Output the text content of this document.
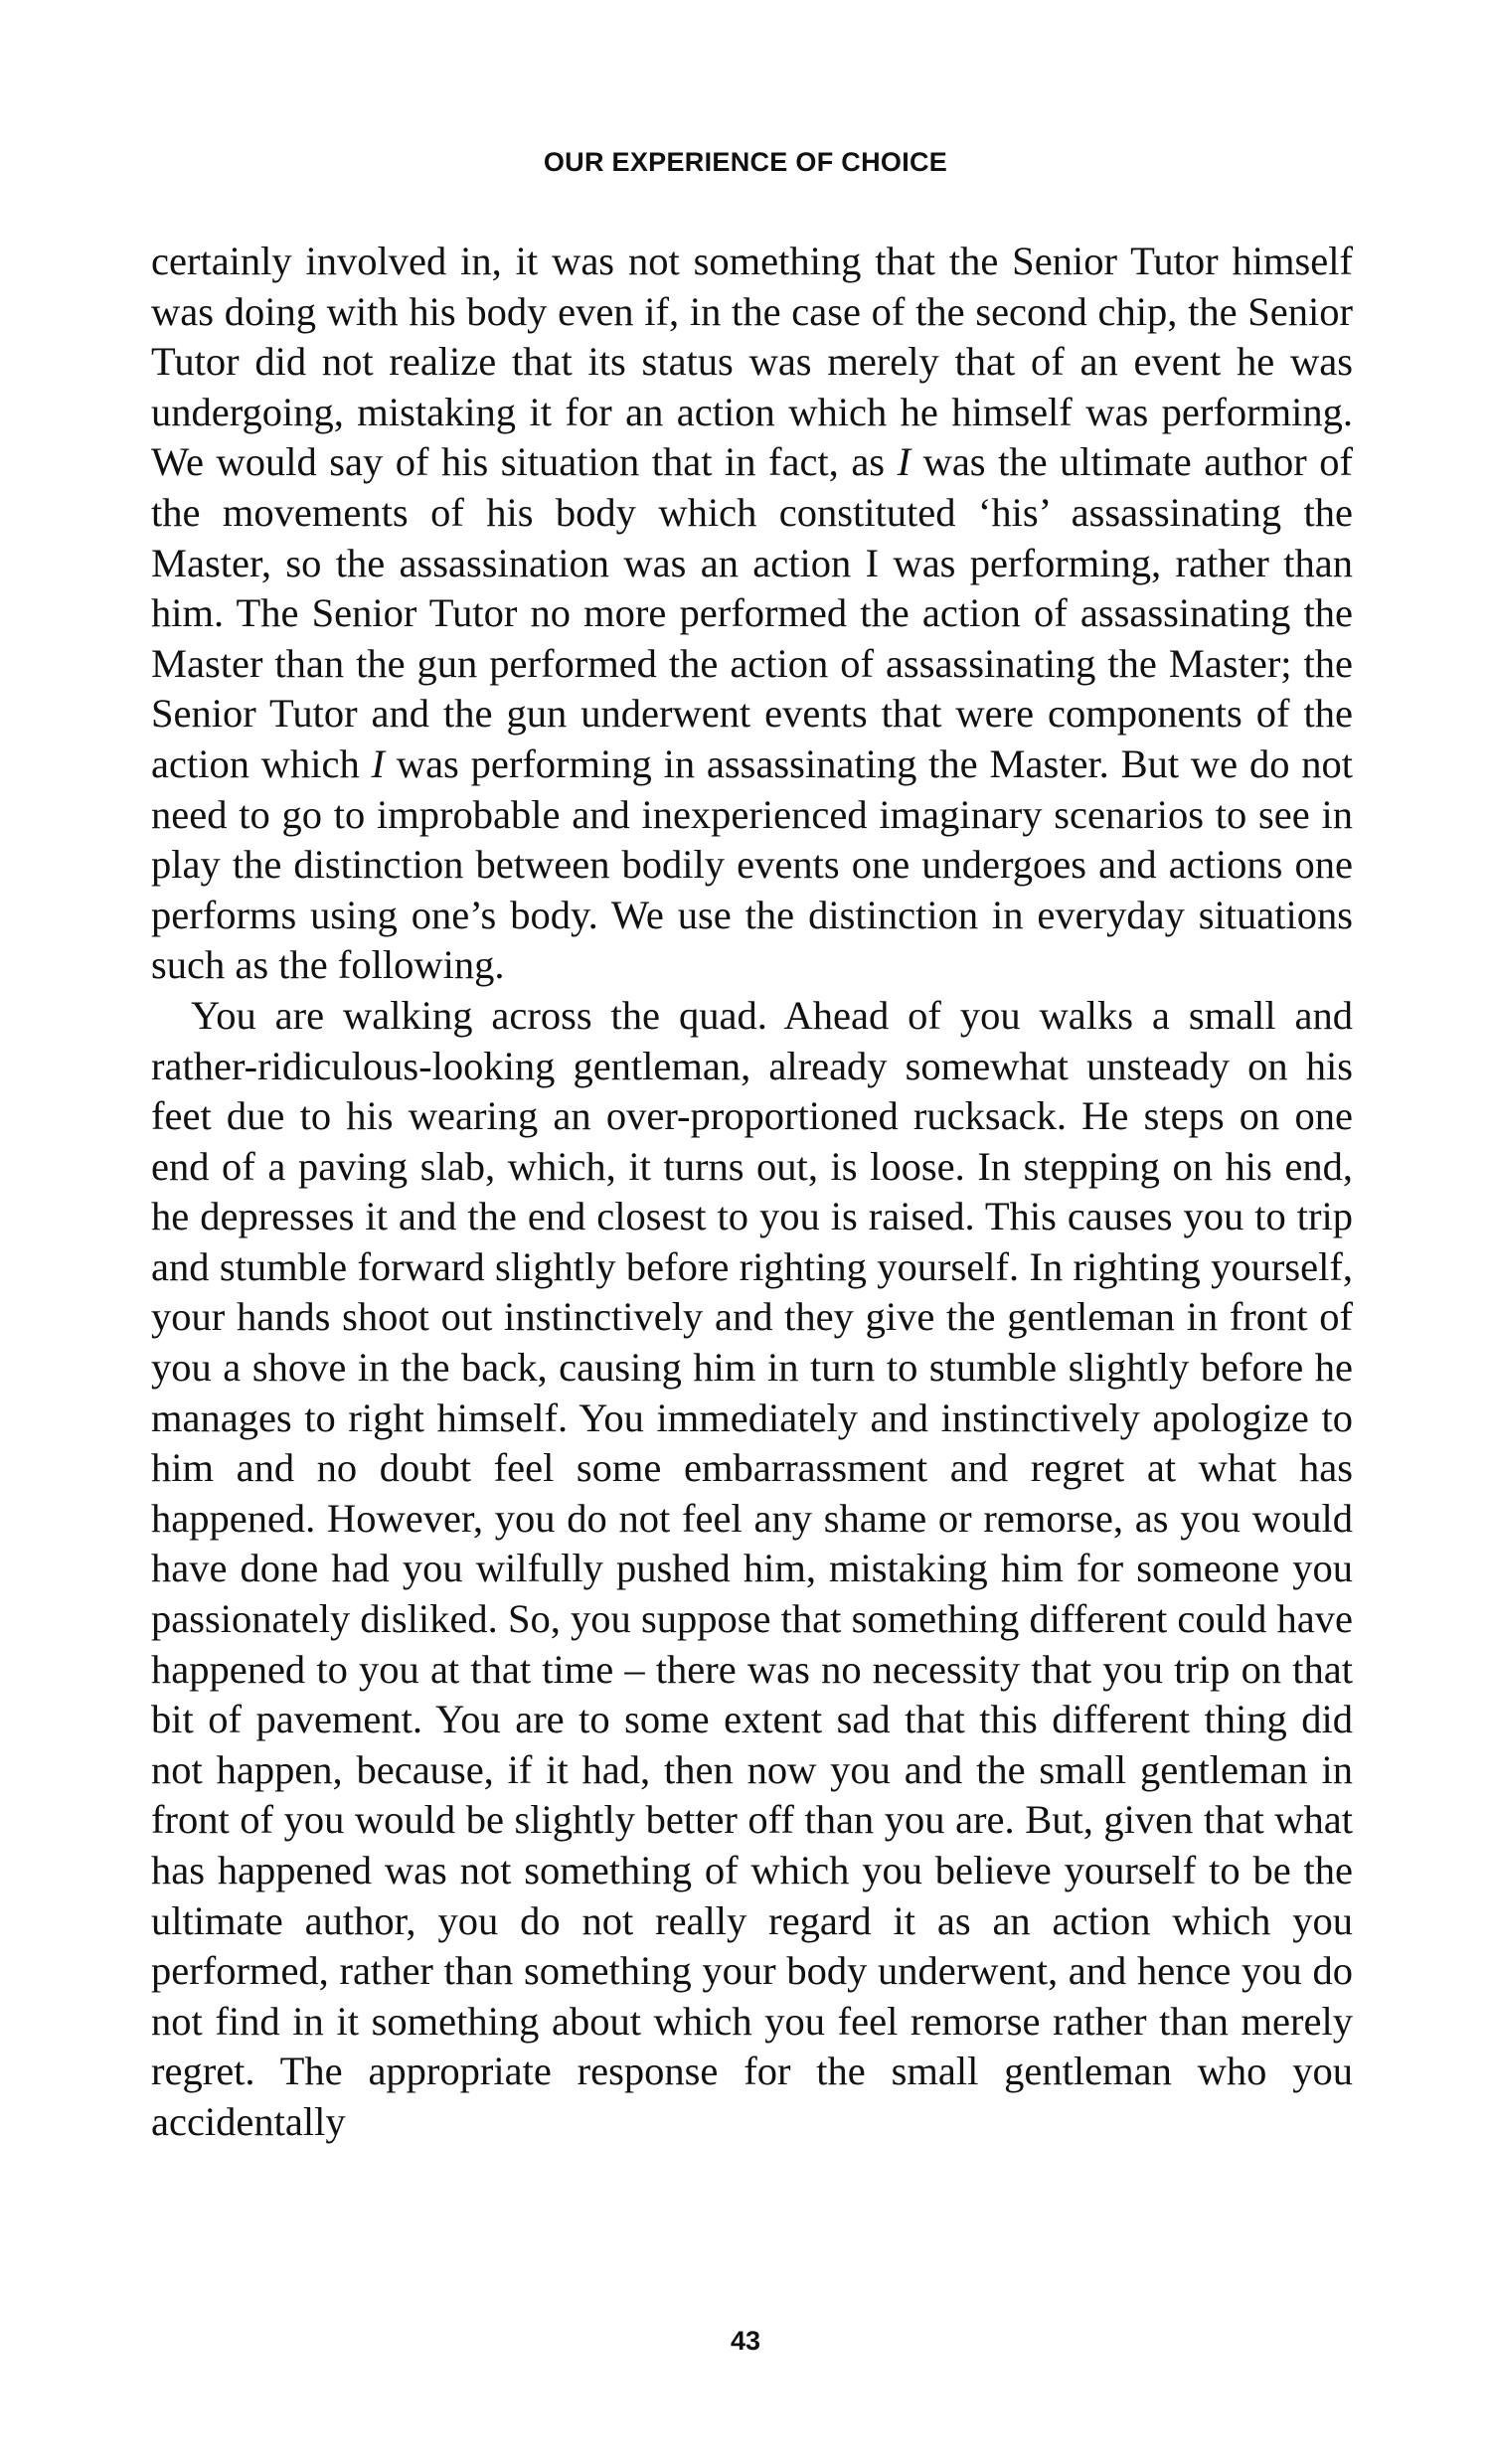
OUR EXPERIENCE OF CHOICE

certainly involved in, it was not something that the Senior Tutor himself was doing with his body even if, in the case of the second chip, the Senior Tutor did not realize that its status was merely that of an event he was undergoing, mistaking it for an action which he himself was performing. We would say of his situation that in fact, as I was the ultimate author of the movements of his body which constituted ‘his’ assassinating the Master, so the assassination was an action I was performing, rather than him. The Senior Tutor no more performed the action of assassinating the Master than the gun performed the action of assassinating the Master; the Senior Tutor and the gun underwent events that were components of the action which I was performing in assassinating the Master. But we do not need to go to improbable and inexperienced imaginary scenarios to see in play the distinction between bodily events one undergoes and actions one performs using one’s body. We use the distinction in everyday situations such as the following.

You are walking across the quad. Ahead of you walks a small and rather-ridiculous-looking gentleman, already somewhat unsteady on his feet due to his wearing an over-proportioned rucksack. He steps on one end of a paving slab, which, it turns out, is loose. In stepping on his end, he depresses it and the end closest to you is raised. This causes you to trip and stumble forward slightly before righting yourself. In righting yourself, your hands shoot out instinctively and they give the gentleman in front of you a shove in the back, causing him in turn to stumble slightly before he manages to right himself. You immediately and instinctively apologize to him and no doubt feel some embarrassment and regret at what has happened. However, you do not feel any shame or remorse, as you would have done had you wilfully pushed him, mistaking him for someone you passionately disliked. So, you suppose that something different could have happened to you at that time – there was no necessity that you trip on that bit of pavement. You are to some extent sad that this different thing did not happen, because, if it had, then now you and the small gentleman in front of you would be slightly better off than you are. But, given that what has happened was not something of which you believe yourself to be the ultimate author, you do not really regard it as an action which you performed, rather than something your body underwent, and hence you do not find in it something about which you feel remorse rather than merely regret. The appropriate response for the small gentleman who you accidentally

43
